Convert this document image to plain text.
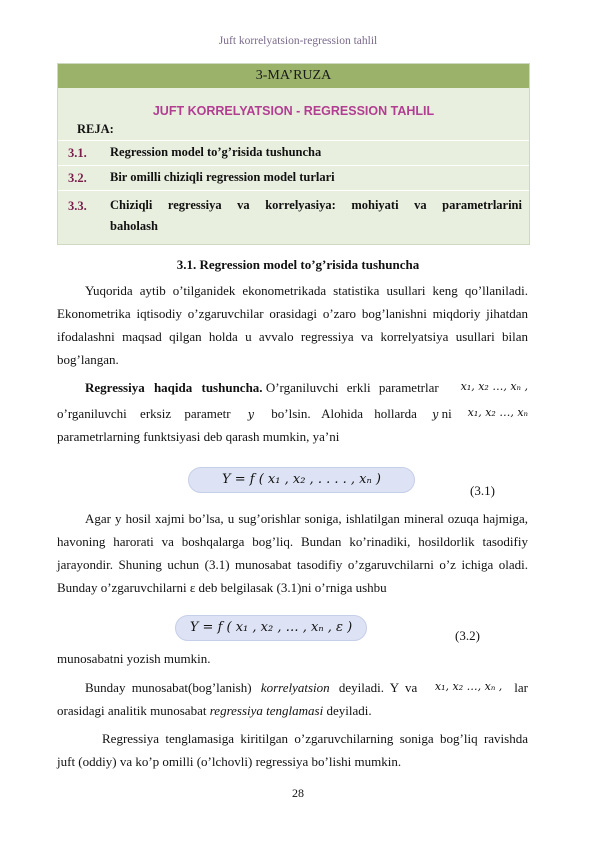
Juft korrelyatsion-regression tahlil
3-MA’RUZA
JUFT KORRELYATSION - REGRESSION TAHLIL
REJA:
3.1. Regression model to’g’risida tushuncha
3.2. Bir omilli chiziqli regression model turlari
3.3. Chiziqli regressiya va korrelyasiya: mohiyati va parametrlarini
baholash
3.1. Regression model to’g’risida tushuncha
Yuqorida aytib o’tilganidek ekonometrikada statistika usullari keng qo’llaniladi. Ekonometrika iqtisodiy o’zgaruvchilar orasidagi o’zaro bog’lanishni miqdoriy jihatdan ifodalashni maqsad qilgan holda u avvalo regressiya va korrelyatsiya usullari bilan bog’langan.
Regressiya haqida tushuncha. O’rganiluvchi erkli parametrlar x₁, x₂ …, xₙ ,
o’rganiluvchi erksiz parametr y bo’lsin. Alohida hollarda y ni x₁, x₂ …, xₙ
parametrlarning funktsiyasi deb qarash mumkin, ya’ni
Y = f ( x₁ , x₂ , . . . . , xₙ )
(3.1)
Agar y hosil xajmi bo’lsa, u sug’orishlar soniga, ishlatilgan mineral ozuqa hajmiga, havoning harorati va boshqalarga bog’liq. Bundan ko’rinadiki, hosildorlik tasodifiy jarayondir. Shuning uchun (3.1) munosabat tasodifiy o’zgaruvchilarni o’z ichiga oladi. Bunday o’zgaruvchilarni ε deb belgilasak (3.1)ni o’rniga ushbu
Y = f ( x₁ , x₂ , … , xₙ , ε )
(3.2)
munosabatni yozish mumkin.
Bunday munosabat(bog’lanish) korrelyatsion deyiladi. Y va	lar
x₁, x₂ …, xₙ ,
orasidagi analitik munosabat regressiya tenglamasi deyiladi.
Regressiya tenglamasiga kiritilgan o’zgaruvchilarning soniga bog’liq ravishda juft (oddiy) va ko’p omilli (o’lchovli) regressiya bo’lishi mumkin.
28
